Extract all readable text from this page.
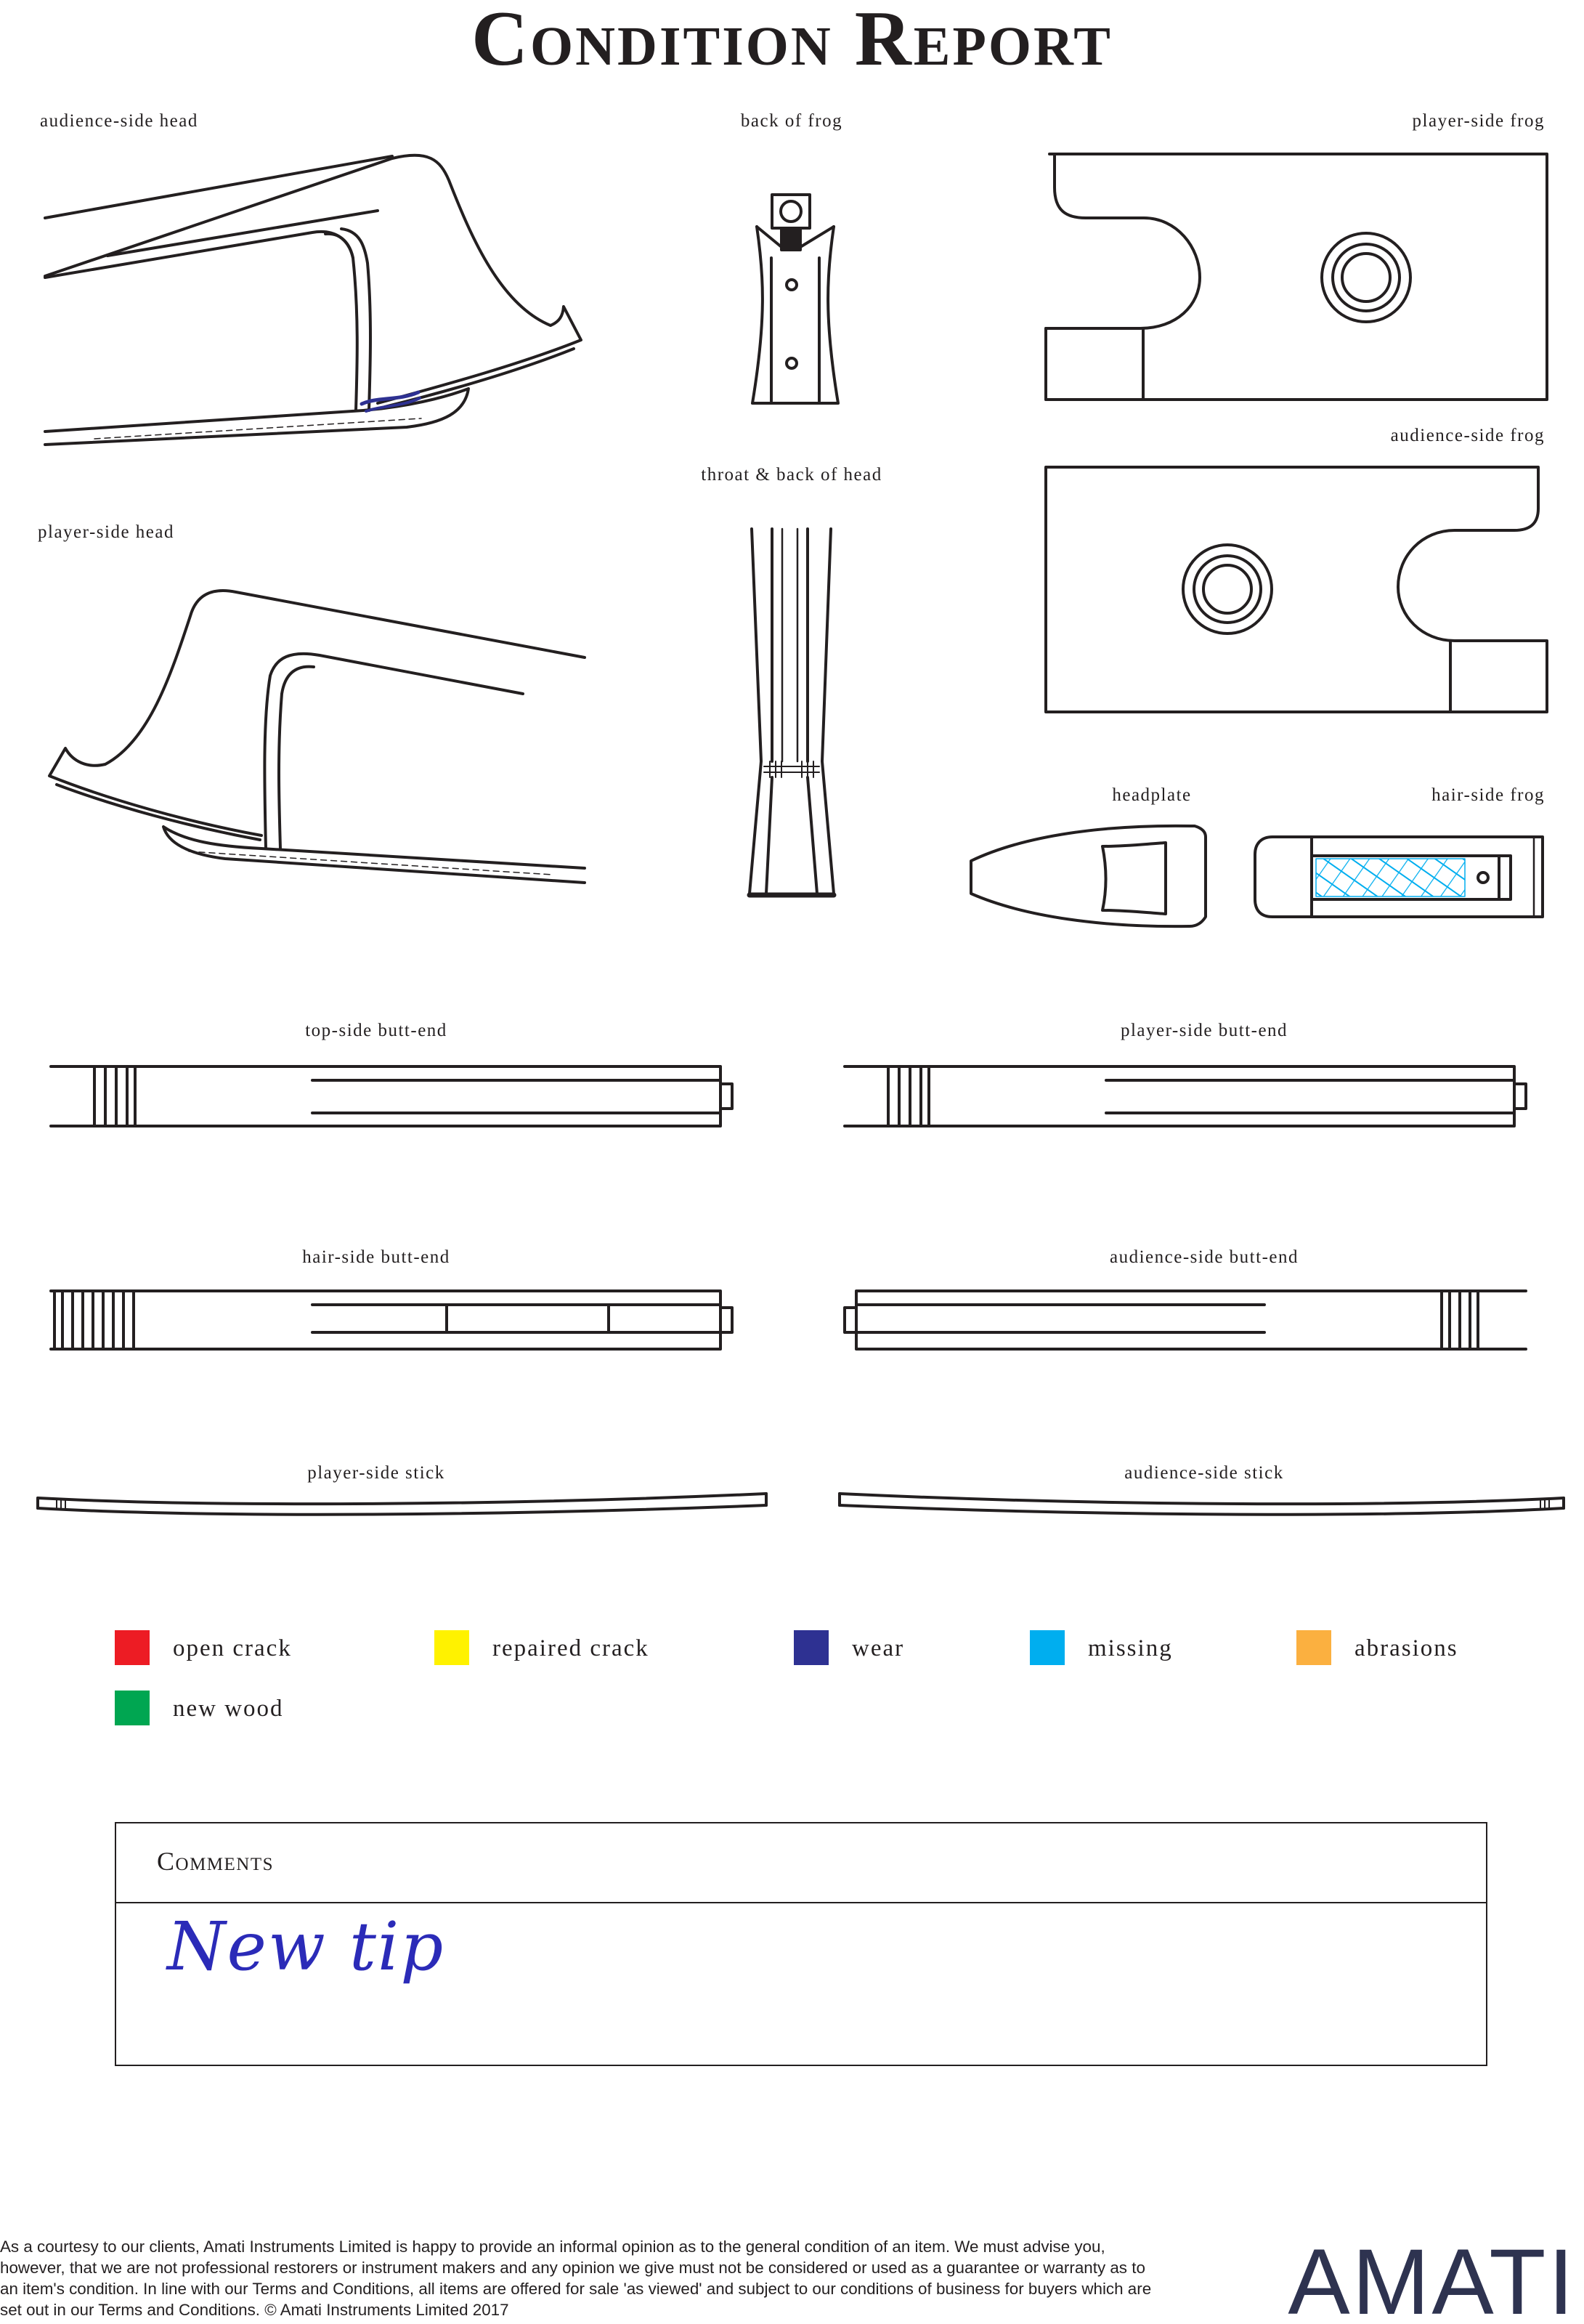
Condition Report
audience-side head	back of frog	player-side frog
audience-side frog
throat & back of head
player-side head
headplate	hair-side frog
top-side butt-end	player-side butt-end
hair-side butt-end	audience-side butt-end
player-side stick	audience-side stick
open crack	repaired crack	wear	missing	abrasions
new wood
Comments
New tip
As a courtesy to our clients, Amati Instruments Limited is happy to provide an informal opinion as to the general condition of an item. We must advise you, however, that we are not professional restorers or instrument makers and any opinion we give must not be considered or used as a guarantee or warranty as to an item's condition. In line with our Terms and Conditions, all items are offered for sale 'as viewed' and subject to our conditions of business for buyers which are set out in our Terms and Conditions. © Amati Instruments Limited 2017	AMATI
